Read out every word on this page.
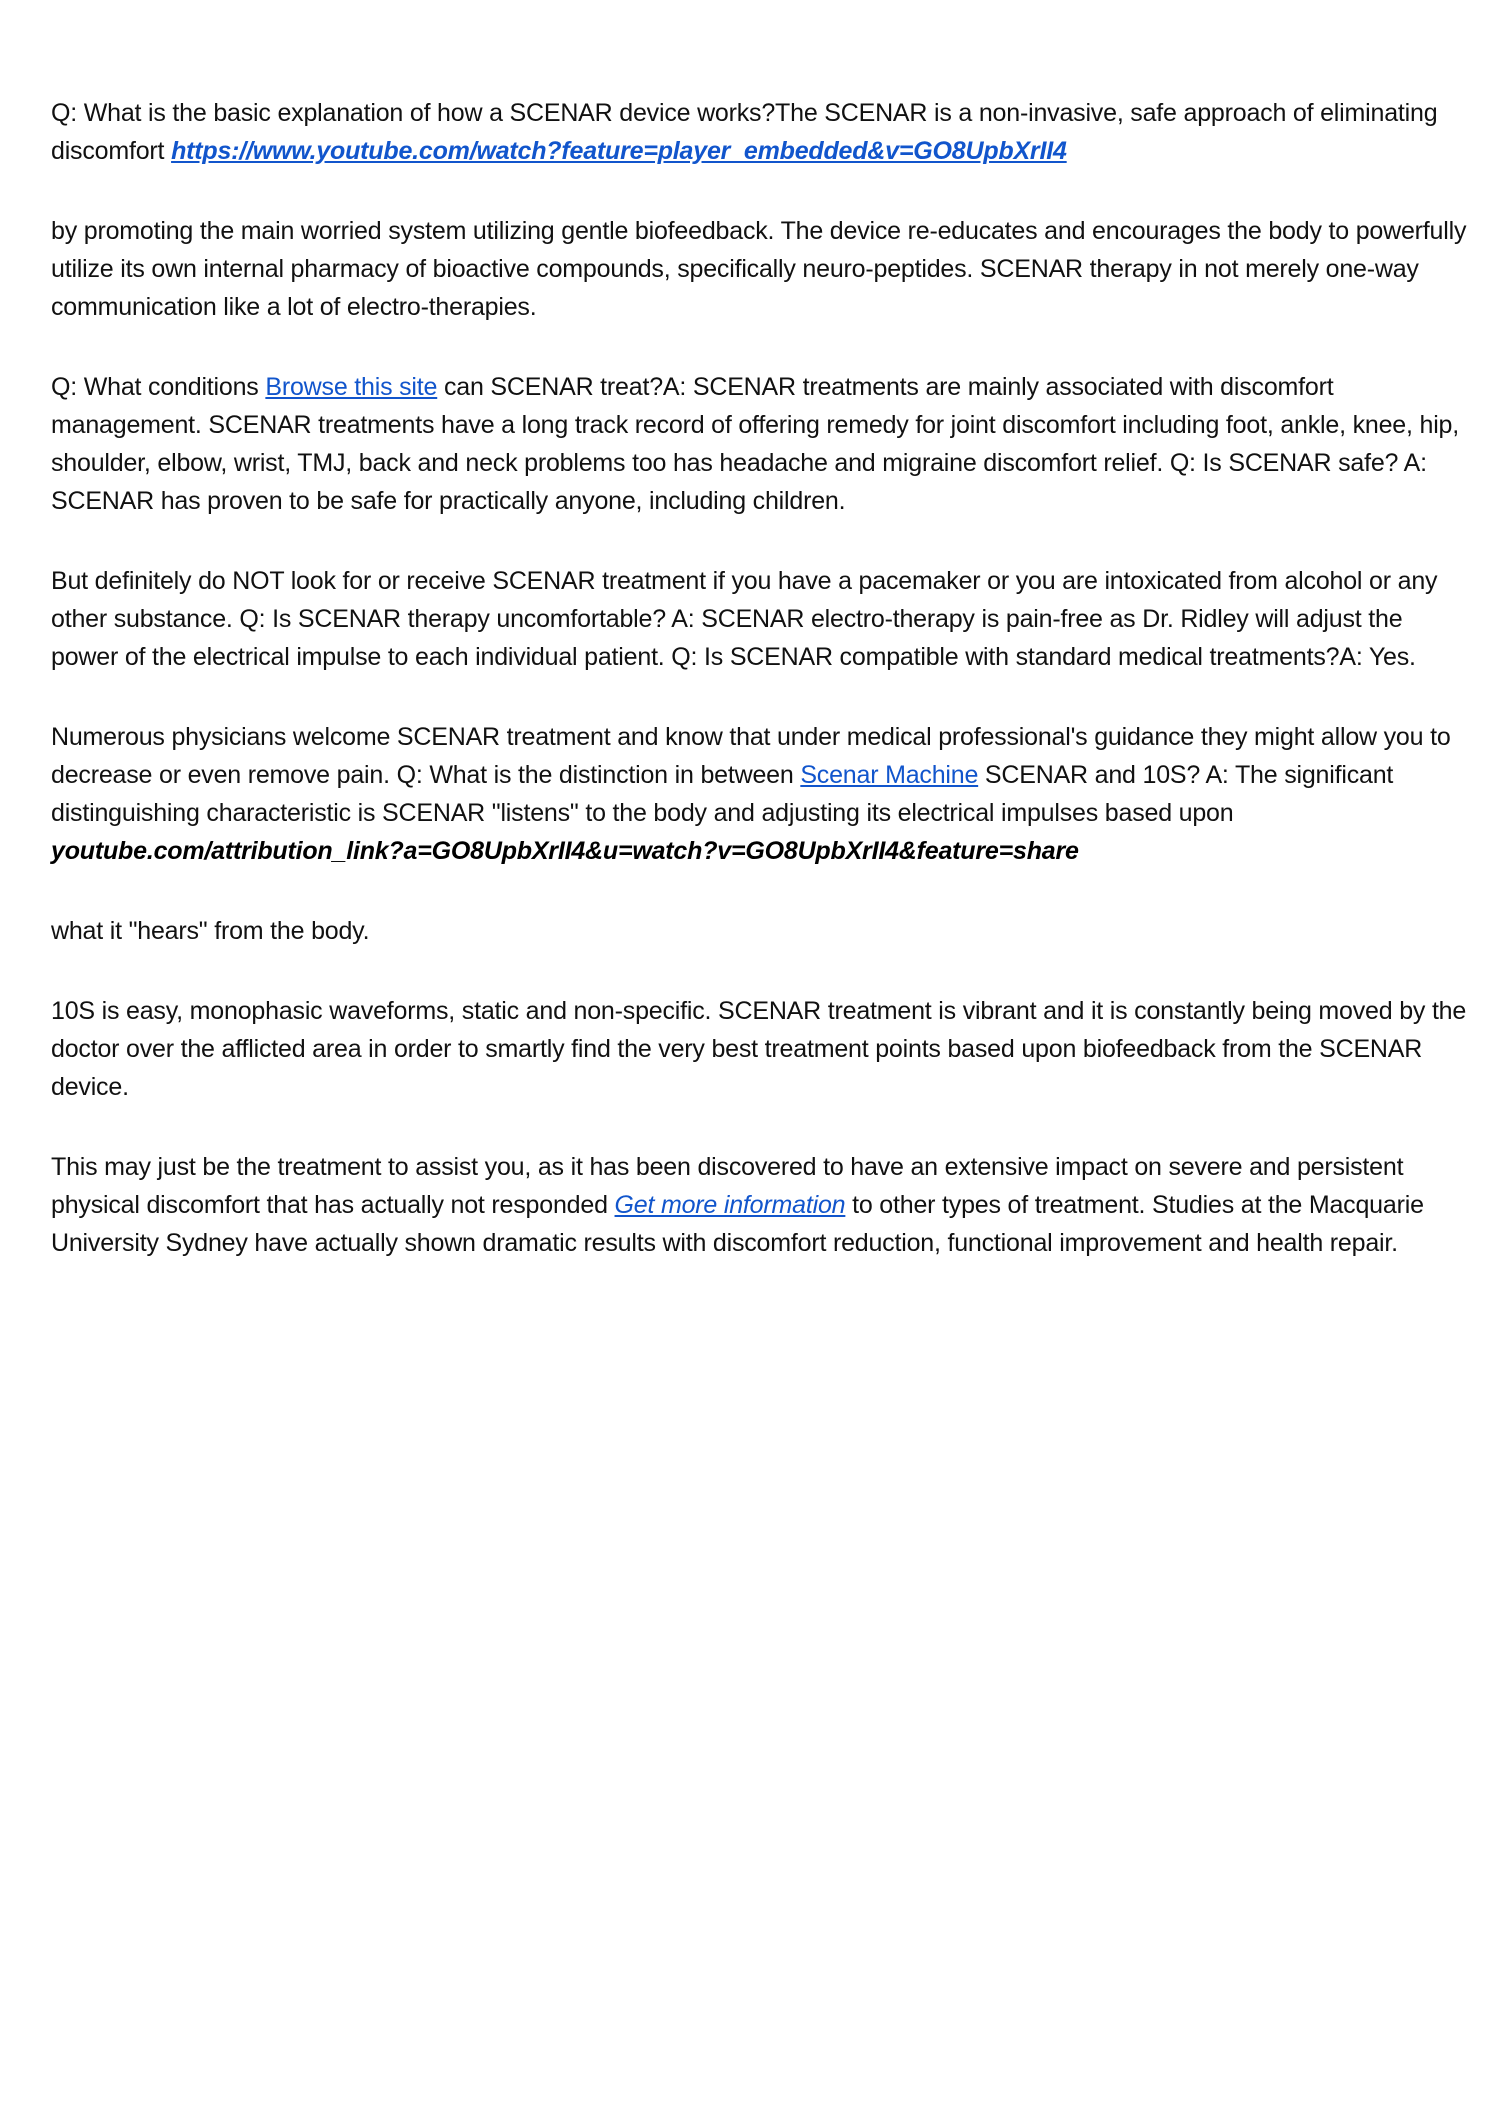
Q: What is the basic explanation of how a SCENAR device works?The SCENAR is a non-invasive, safe approach of eliminating discomfort https://www.youtube.com/watch?feature=player_embedded&v=GO8UpbXrII4

by promoting the main worried system utilizing gentle biofeedback. The device re-educates and encourages the body to powerfully utilize its own internal pharmacy of bioactive compounds, specifically neuro-peptides. SCENAR therapy in not merely one-way communication like a lot of electro-therapies.

Q: What conditions Browse this site can SCENAR treat?A: SCENAR treatments are mainly associated with discomfort management. SCENAR treatments have a long track record of offering remedy for joint discomfort including foot, ankle, knee, hip, shoulder, elbow, wrist, TMJ, back and neck problems too has headache and migraine discomfort relief. Q: Is SCENAR safe? A: SCENAR has proven to be safe for practically anyone, including children.

But definitely do NOT look for or receive SCENAR treatment if you have a pacemaker or you are intoxicated from alcohol or any other substance. Q: Is SCENAR therapy uncomfortable? A: SCENAR electro-therapy is pain-free as Dr. Ridley will adjust the power of the electrical impulse to each individual patient. Q: Is SCENAR compatible with standard medical treatments?A: Yes.

Numerous physicians welcome SCENAR treatment and know that under medical professional's guidance they might allow you to decrease or even remove pain. Q: What is the distinction in between Scenar Machine SCENAR and 10S? A: The significant distinguishing characteristic is SCENAR "listens" to the body and adjusting its electrical impulses based upon
youtube.com/attribution_link?a=GO8UpbXrII4&u=watch?v=GO8UpbXrII4&feature=share

what it "hears" from the body.

10S is easy, monophasic waveforms, static and non-specific. SCENAR treatment is vibrant and it is constantly being moved by the doctor over the afflicted area in order to smartly find the very best treatment points based upon biofeedback from the SCENAR device.

This may just be the treatment to assist you, as it has been discovered to have an extensive impact on severe and persistent physical discomfort that has actually not responded Get more information to other types of treatment. Studies at the Macquarie University Sydney have actually shown dramatic results with discomfort reduction, functional improvement and health repair.
